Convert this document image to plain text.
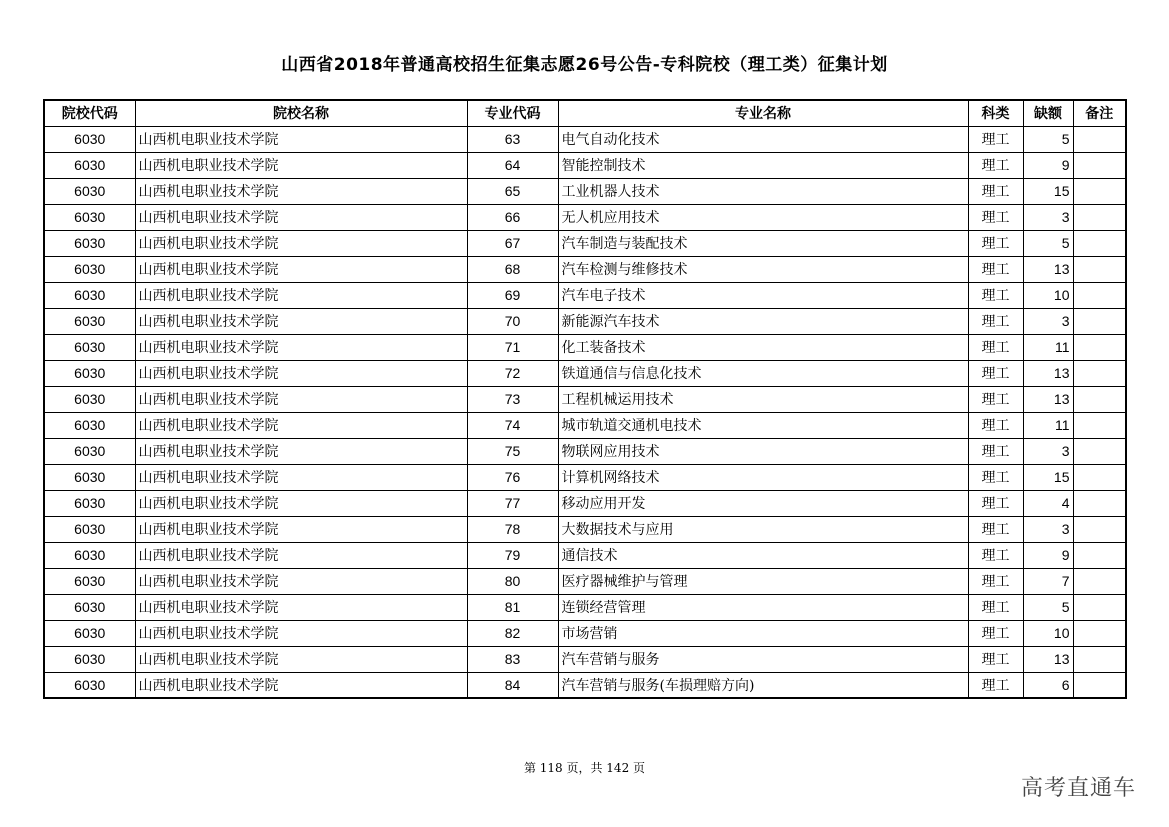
山西省2018年普通高校招生征集志愿26号公告-专科院校（理工类）征集计划
院校代码	院校名称	专业代码	专业名称	科类	缺额	备注
6030	山西机电职业技术学院	63	电气自动化技术	理工	5	
6030	山西机电职业技术学院	64	智能控制技术	理工	9	
6030	山西机电职业技术学院	65	工业机器人技术	理工	15	
6030	山西机电职业技术学院	66	无人机应用技术	理工	3	
6030	山西机电职业技术学院	67	汽车制造与装配技术	理工	5	
6030	山西机电职业技术学院	68	汽车检测与维修技术	理工	13	
6030	山西机电职业技术学院	69	汽车电子技术	理工	10	
6030	山西机电职业技术学院	70	新能源汽车技术	理工	3	
6030	山西机电职业技术学院	71	化工装备技术	理工	11	
6030	山西机电职业技术学院	72	铁道通信与信息化技术	理工	13	
6030	山西机电职业技术学院	73	工程机械运用技术	理工	13	
6030	山西机电职业技术学院	74	城市轨道交通机电技术	理工	11	
6030	山西机电职业技术学院	75	物联网应用技术	理工	3	
6030	山西机电职业技术学院	76	计算机网络技术	理工	15	
6030	山西机电职业技术学院	77	移动应用开发	理工	4	
6030	山西机电职业技术学院	78	大数据技术与应用	理工	3	
6030	山西机电职业技术学院	79	通信技术	理工	9	
6030	山西机电职业技术学院	80	医疗器械维护与管理	理工	7	
6030	山西机电职业技术学院	81	连锁经营管理	理工	5	
6030	山西机电职业技术学院	82	市场营销	理工	10	
6030	山西机电职业技术学院	83	汽车营销与服务	理工	13	
6030	山西机电职业技术学院	84	汽车营销与服务(车损理赔方向)	理工	6	
第 118 页，共 142 页
高考直通车
